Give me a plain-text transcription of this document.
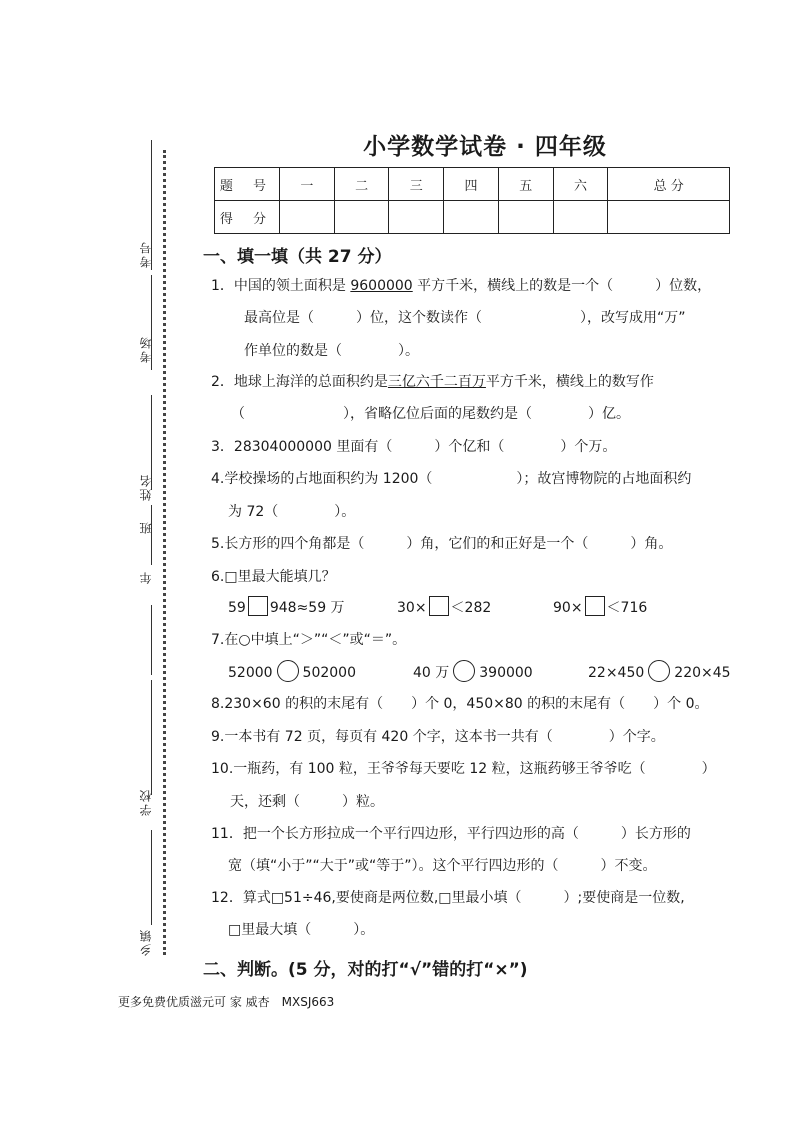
考号
考场
姓名
班
年
学校
乡镇
小学数学试卷 · 四年级
题 号	一	二	三	四	五	六	总 分
得 分							
一、填一填（共 27 分）
1．中国的领土面积是 9600000 平方千米，横线上的数是一个（　　　）位数，
最高位是（　　　）位，这个数读作（　　　　　　　），改写成用“万”
作单位的数是（　　　　）。
2．地球上海洋的总面积约是三亿六千二百万平方千米，横线上的数写作
（　　　　　　　），省略亿位后面的尾数约是（　　　　）亿。
3．28304000000 里面有（　　　）个亿和（　　　　）个万。
4.学校操场的占地面积约为 1200（　　　　　　）；故宫博物院的占地面积约
为 72（　　　　）。
5.长方形的四个角都是（　　　）角，它们的和正好是一个（　　　）角。
6.□里最大能填几？
59 948≈59 万	30× ＜282	90× ＜716
7.在○中填上“＞”“＜”或“＝”。
52000 502000	40 万 390000	22×450 220×45
8.230×60 的积的末尾有（　　）个 0，450×80 的积的末尾有（　　）个 0。
9.一本书有 72 页，每页有 420 个字，这本书一共有（　　　　）个字。
10.一瓶药，有 100 粒，王爷爷每天要吃 12 粒，这瓶药够王爷爷吃（　　　　）
天，还剩（　　　）粒。
11．把一个长方形拉成一个平行四边形，平行四边形的高（　　　）长方形的
宽（填“小于”“大于”或“等于”）。这个平行四边形的（　　　）不变。
12．算式□51÷46,要使商是两位数,□里最小填（　　　）;要使商是一位数,
□里最大填（　　　）。
二、判断。(5 分，对的打“√”错的打“×”)
更多免费优质滋元可 家 威杏　MXSJ663
